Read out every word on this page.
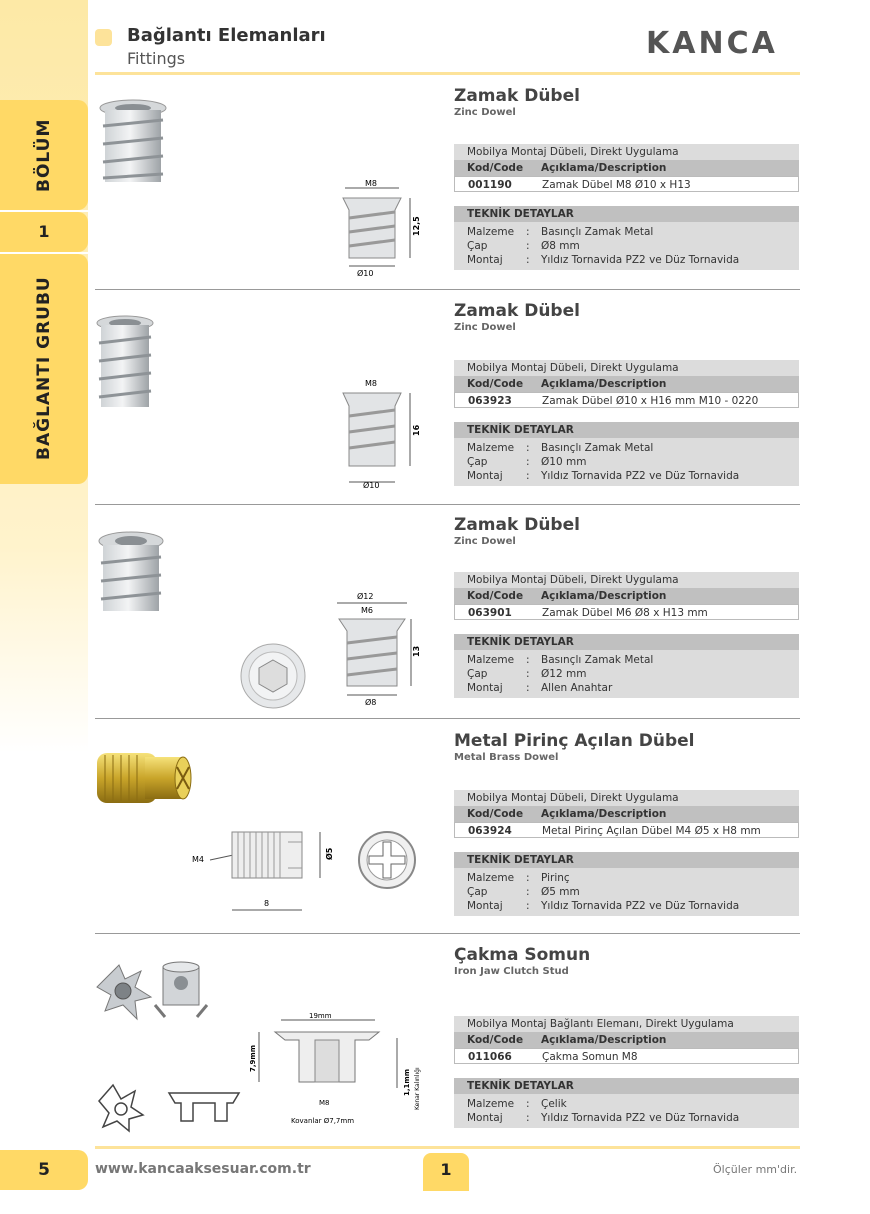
BÖLÜM
1
BAĞLANTI GRUBU
Bağlantı Elemanları
Fittings	KANCA
M8
12,5
Ø10
Zamak Dübel
Zinc Dowel
Mobilya Montaj Dübeli, Direkt Uygulama
Kod/Code Açıklama/Description
001190	Zamak Dübel M8 Ø10 x H13
TEKNİK DETAYLAR
Malzeme : Basınçlı Zamak Metal
Çap	: Ø8 mm
Montaj : Yıldız Tornavida PZ2 ve Düz Tornavida
M8
16
Ø10
Zamak Dübel
Zinc Dowel
Mobilya Montaj Dübeli, Direkt Uygulama
Kod/Code Açıklama/Description
063923	Zamak Dübel Ø10 x H16 mm M10 - 0220
TEKNİK DETAYLAR
Malzeme : Basınçlı Zamak Metal
Çap	: Ø10 mm
Montaj : Yıldız Tornavida PZ2 ve Düz Tornavida
Ø12
M6
13
Ø8
Zamak Dübel
Zinc Dowel
Mobilya Montaj Dübeli, Direkt Uygulama
Kod/Code Açıklama/Description
063901	Zamak Dübel M6 Ø8 x H13 mm
TEKNİK DETAYLAR
Malzeme : Basınçlı Zamak Metal
Çap	: Ø12 mm
Montaj : Allen Anahtar
M4	Ø5
8
Metal Pirinç Açılan Dübel
Metal Brass Dowel
Mobilya Montaj Dübeli, Direkt Uygulama
Kod/Code Açıklama/Description
063924	Metal Pirinç Açılan Dübel M4 Ø5 x H8 mm
TEKNİK DETAYLAR
Malzeme : Pirinç
Çap	: Ø5 mm
Montaj : Yıldız Tornavida PZ2 ve Düz Tornavida
19mm
7,9mm
M8
Kovanlar Ø7,7mm
1,1mm Kenar Kalınlığı
Çakma Somun
Iron Jaw Clutch Stud
Mobilya Montaj Bağlantı Elemanı, Direkt Uygulama
Kod/Code Açıklama/Description
011066	Çakma Somun M8
TEKNİK DETAYLAR
Malzeme : Çelik
Montaj : Yıldız Tornavida PZ2 ve Düz Tornavida
5	www.kancaaksesuar.com.tr	1	Ölçüler mm'dir.
